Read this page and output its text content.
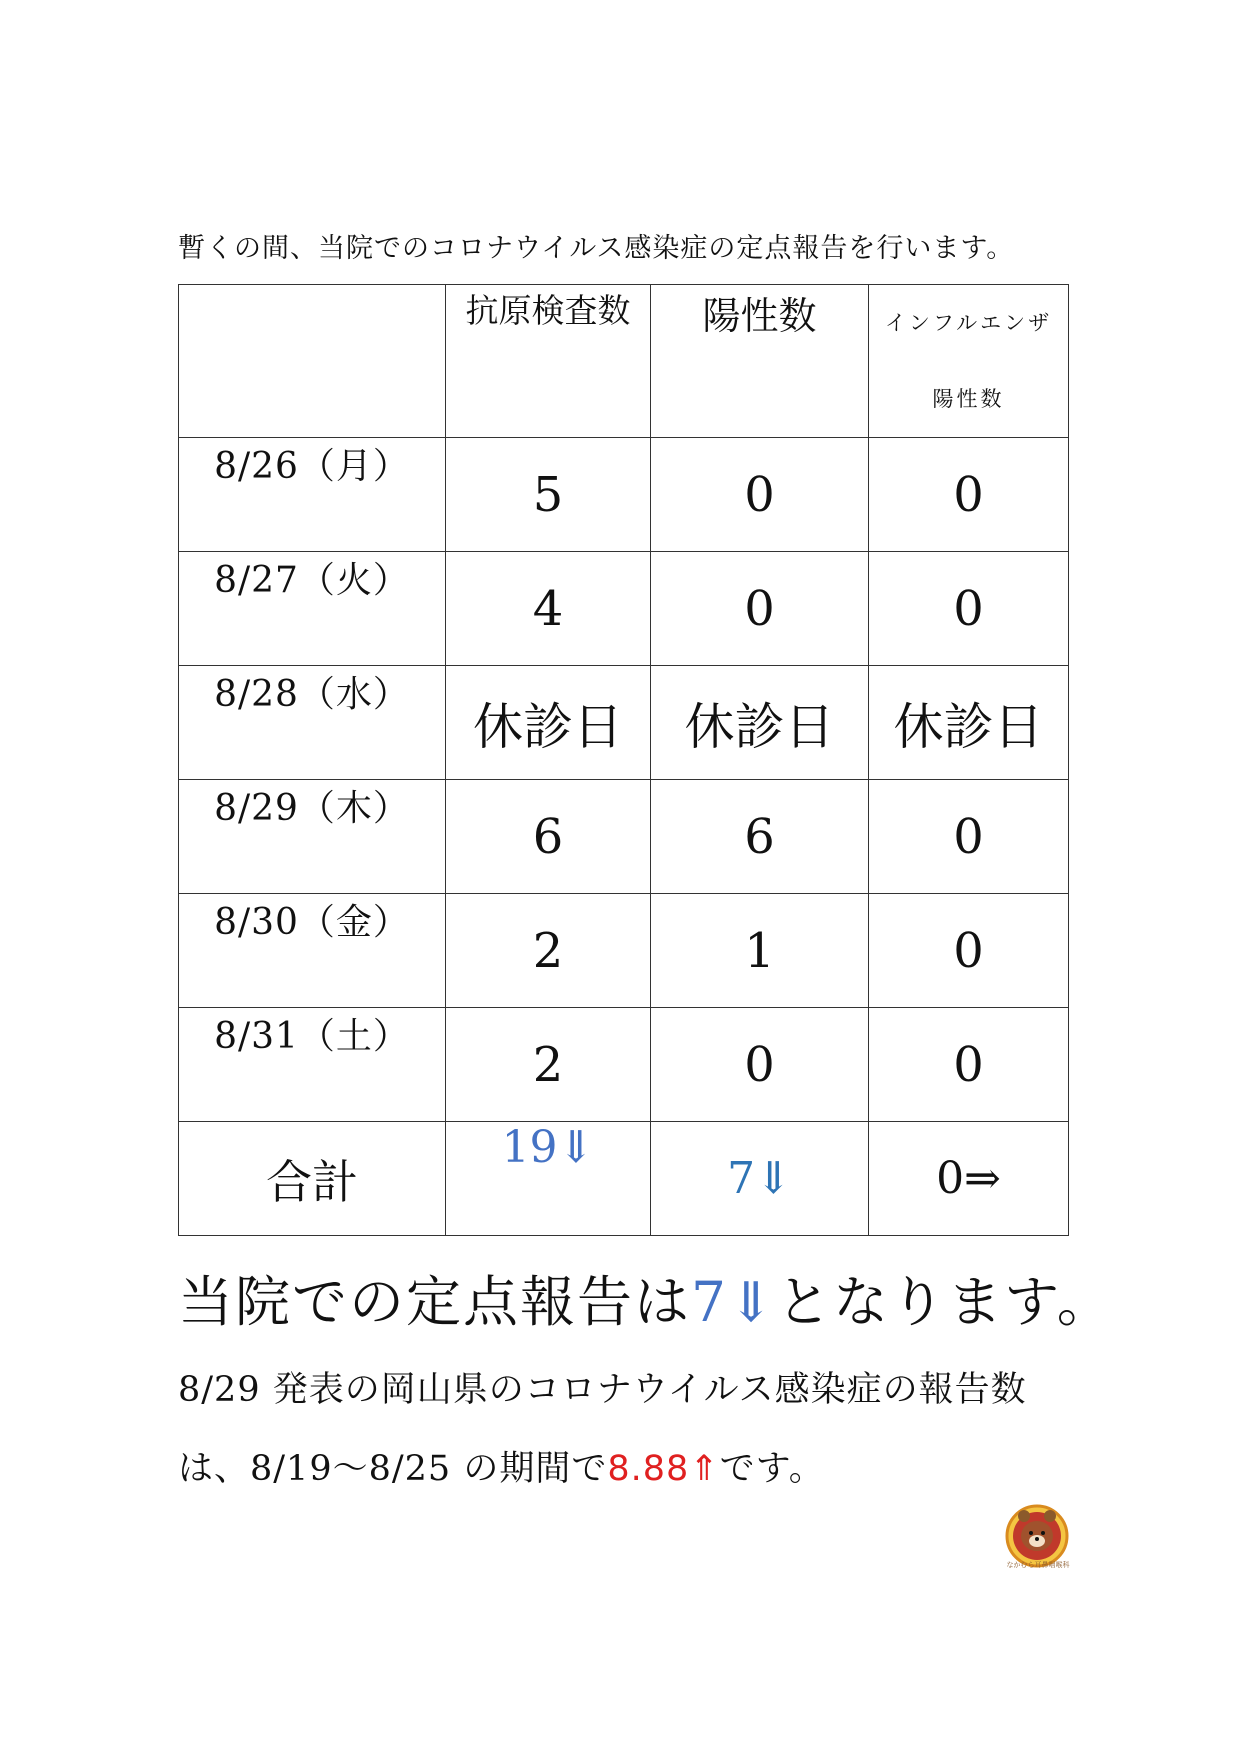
暫くの間、当院でのコロナウイルス感染症の定点報告を行います。
	抗原検査数	陽性数	インフルエンザ
陽性数
8/26（月）	5	0	0
8/27（火）	4	0	0
8/28（水）	休診日	休診日	休診日
8/29（木）	6	6	0
8/30（金）	2	1	0
8/31（土）	2	0	0
合計	19⇓	7⇓	0⇒
当院での定点報告は7⇓となります。
8/29 発表の岡山県のコロナウイルス感染症の報告数
は、8/19～8/25 の期間で8.88⇑です。
なかむら耳鼻咽喉科
